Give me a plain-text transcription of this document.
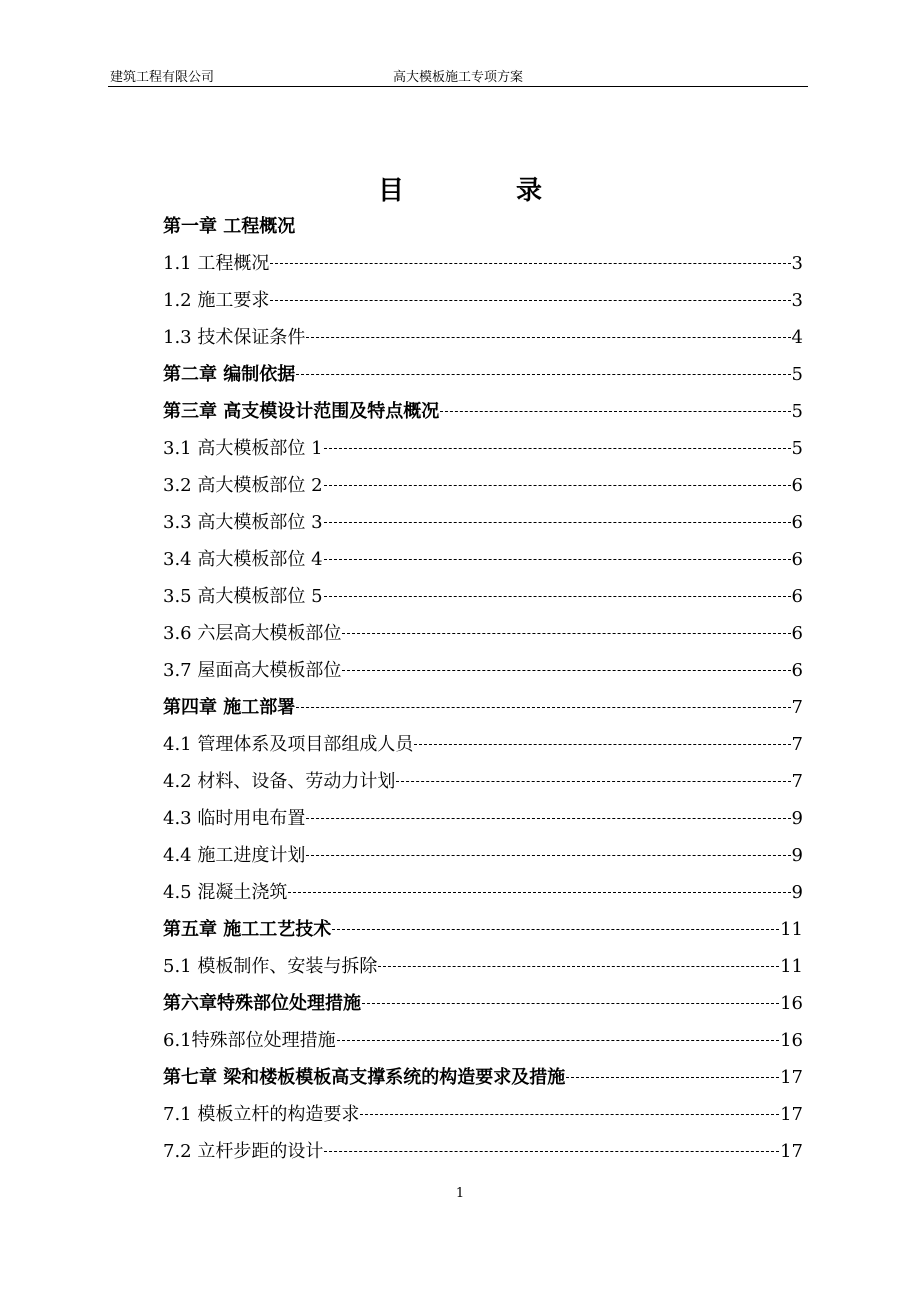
建筑工程有限公司	高大模板施工专项方案
目录
第一章 工程概况
1.1 工程概况	3
1.2 施工要求	3
1.3 技术保证条件	4
第二章 编制依据	5
第三章 高支模设计范围及特点概况	5
3.1 高大模板部位 1	5
3.2 高大模板部位 2	6
3.3 高大模板部位 3	6
3.4 高大模板部位 4	6
3.5 高大模板部位 5	6
3.6 六层高大模板部位	6
3.7 屋面高大模板部位	6
第四章 施工部署	7
4.1 管理体系及项目部组成人员	7
4.2 材料、设备、劳动力计划	7
4.3 临时用电布置	9
4.4 施工进度计划	9
4.5 混凝土浇筑	9
第五章 施工工艺技术	11
5.1 模板制作、安装与拆除	11
第六章特殊部位处理措施	16
6.1特殊部位处理措施	16
第七章 梁和楼板模板高支撑系统的构造要求及措施	17
7.1 模板立杆的构造要求	17
7.2 立杆步距的设计	17
1
